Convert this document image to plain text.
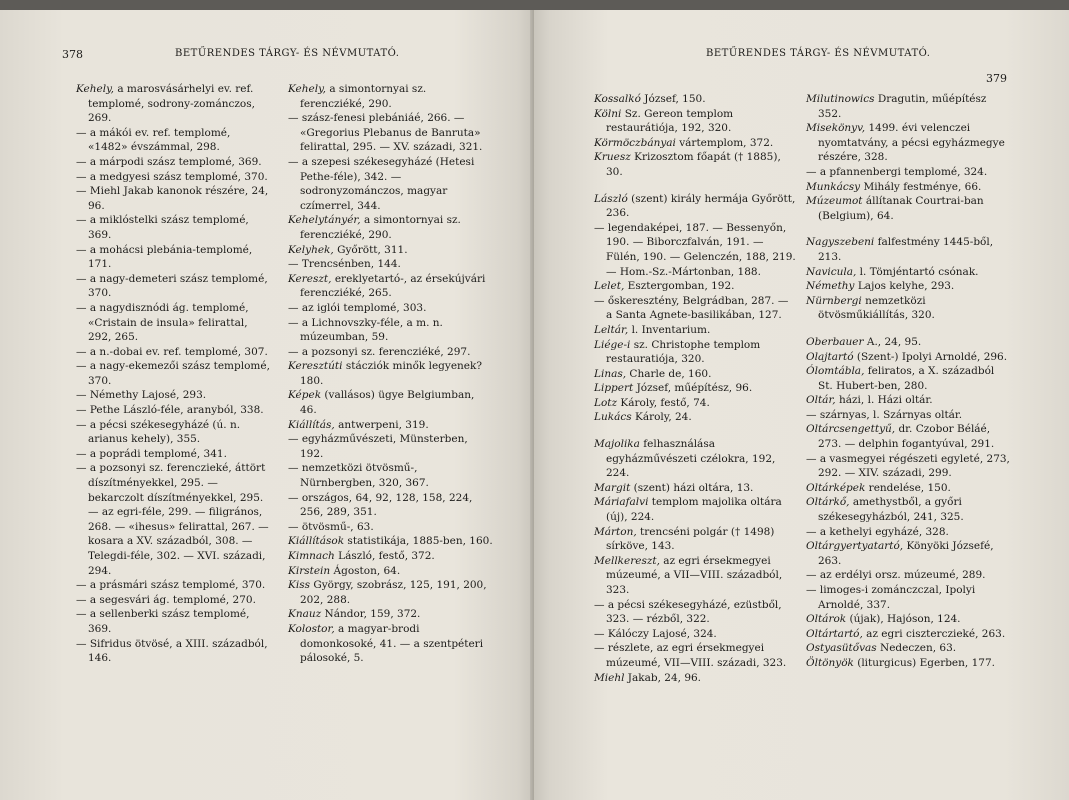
378	BETŰRENDES TÁRGY- ÉS NÉVMUTATÓ.
Kehely, a marosvásárhelyi ev. ref. templomé, sodrony-zománczos, 269.
— a mákói ev. ref. templomé, «1482» évszámmal, 298.
— a márpodi szász templomé, 369.
— a medgyesi szász templomé, 370.
— Miehl Jakab kanonok részére, 24, 96.
— a miklóstelki szász templomé, 369.
— a mohácsi plebánia-templomé, 171.
— a nagy-demeteri szász templomé, 370.
— a nagydisznódi ág. templomé, «Cristain de insula» felirattal, 292, 265.
— a n.-dobai ev. ref. templomé, 307.
— a nagy-ekemezői szász templomé, 370.
— Némethy Lajosé, 293.
— Pethe László-féle, aranyból, 338.
— a pécsi székesegyházé (ú. n. arianus kehely), 355.
— a poprádi templomé, 341.
— a pozsonyi sz. ferenczieké, áttört díszítményekkel, 295. — bekarczolt díszítményekkel, 295. — az egri-féle, 299. — filigrános, 268. — «ihesus» felirattal, 267. — kosara a XV. századból, 308. — Telegdi-féle, 302. — XVI. századi, 294.
— a prásmári szász templomé, 370.
— a segesvári ág. templomé, 270.
— a sellenberki szász templomé, 369.
— Sifridus ötvösé, a XIII. századból, 146.
Kehely, a simontornyai sz. ferencziéké, 290.
— szász-fenesi plebániáé, 266. — «Gregorius Plebanus de Banruta» felirattal, 295. — XV. századi, 321.
— a szepesi székesegyházé (Hetesi Pethe-féle), 342. — sodronyzománczos, magyar czímerrel, 344.
Kehelytányér, a simontornyai sz. ferencziéké, 290.
Kelyhek, Győrött, 311.
— Trencsénben, 144.
Kereszt, ereklyetartó-, az érsekújvári ferencziéké, 265.
— az iglói templomé, 303.
— a Lichnovszky-féle, a m. n. múzeumban, 59.
— a pozsonyi sz. ferencziéké, 297.
Keresztúti stácziók minők legyenek? 180.
Képek (vallásos) ügye Belgiumban, 46.
Kiállítás, antwerpeni, 319.
— egyházművészeti, Münsterben, 192.
— nemzetközi ötvösmű-, Nürnbergben, 320, 367.
— országos, 64, 92, 128, 158, 224, 256, 289, 351.
— ötvösmű-, 63.
Kiállítások statistikája, 1885-ben, 160.
Kimnach László, festő, 372.
Kirstein Ágoston, 64.
Kiss György, szobrász, 125, 191, 200, 202, 288.
Knauz Nándor, 159, 372.
Kolostor, a magyar-brodi domonkosoké, 41. — a szentpéteri pálosoké, 5.
BETŰRENDES TÁRGY- ÉS NÉVMUTATÓ.
379
Kossalkó József, 150.
Kölni Sz. Gereon templom restaurátiója, 192, 320.
Körmöczbányai vártemplom, 372.
Kruesz Krizosztom főapát († 1885), 30.
László (szent) király hermája Győrött, 236.
— legendaképei, 187. — Bessenyőn, 190. — Biborczfalván, 191. — Fülén, 190. — Gelenczén, 188, 219. — Hom.-Sz.-Mártonban, 188.
Lelet, Esztergomban, 192.
— őskeresztény, Belgrádban, 287. — a Santa Agnete-basilikában, 127.
Leltár, l. Inventarium.
Liége-i sz. Christophe templom restauratiója, 320.
Linas, Charle de, 160.
Lippert József, műépítész, 96.
Lotz Károly, festő, 74.
Lukács Károly, 24.
Majolika felhasználása egyházművészeti czélokra, 192, 224.
Margit (szent) házi oltára, 13.
Máriafalvi templom majolika oltára (új), 224.
Márton, trencséni polgár († 1498) sírköve, 143.
Mellkereszt, az egri érsekmegyei múzeumé, a VII—VIII. századból, 323.
— a pécsi székesegyházé, ezüstből, 323. — rézből, 322.
— Kálóczy Lajosé, 324.
— részlete, az egri érsekmegyei múzeumé, VII—VIII. századi, 323.
Miehl Jakab, 24, 96.
Milutinowics Dragutin, műépítész 352.
Misekönyv, 1499. évi velenczei nyomtatvány, a pécsi egyházmegye részére, 328.
— a pfannenbergi templomé, 324.
Munkácsy Mihály festménye, 66.
Múzeumot állítanak Courtrai-ban (Belgium), 64.
Nagyszebeni falfestmény 1445-ből, 213.
Navicula, l. Tömjéntartó csónak.
Némethy Lajos kelyhe, 293.
Nürnbergi nemzetközi ötvösműkiállítás, 320.
Oberbauer A., 24, 95.
Olajtartó (Szent-) Ipolyi Arnoldé, 296.
Ólomtábla, feliratos, a X. századból St. Hubert-ben, 280.
Oltár, házi, l. Házi oltár.
— szárnyas, l. Szárnyas oltár.
Oltárcsengettyű, dr. Czobor Béláé, 273. — delphin fogantyúval, 291.
— a vasmegyei régészeti egyleté, 273, 292. — XIV. századi, 299.
Oltárképek rendelése, 150.
Oltárkő, amethystből, a győri székesegyházból, 241, 325.
— a kethelyi egyházé, 328.
Oltárgyertyatartó, Könyöki Józsefé, 263.
— az erdélyi orsz. múzeumé, 289.
— limoges-i zománczczal, Ipolyi Arnoldé, 337.
Oltárok (újak), Hajóson, 124.
Oltártartó, az egri ciszterczieké, 263.
Ostyasütővas Nedeczen, 63.
Öltönyök (liturgicus) Egerben, 177.
